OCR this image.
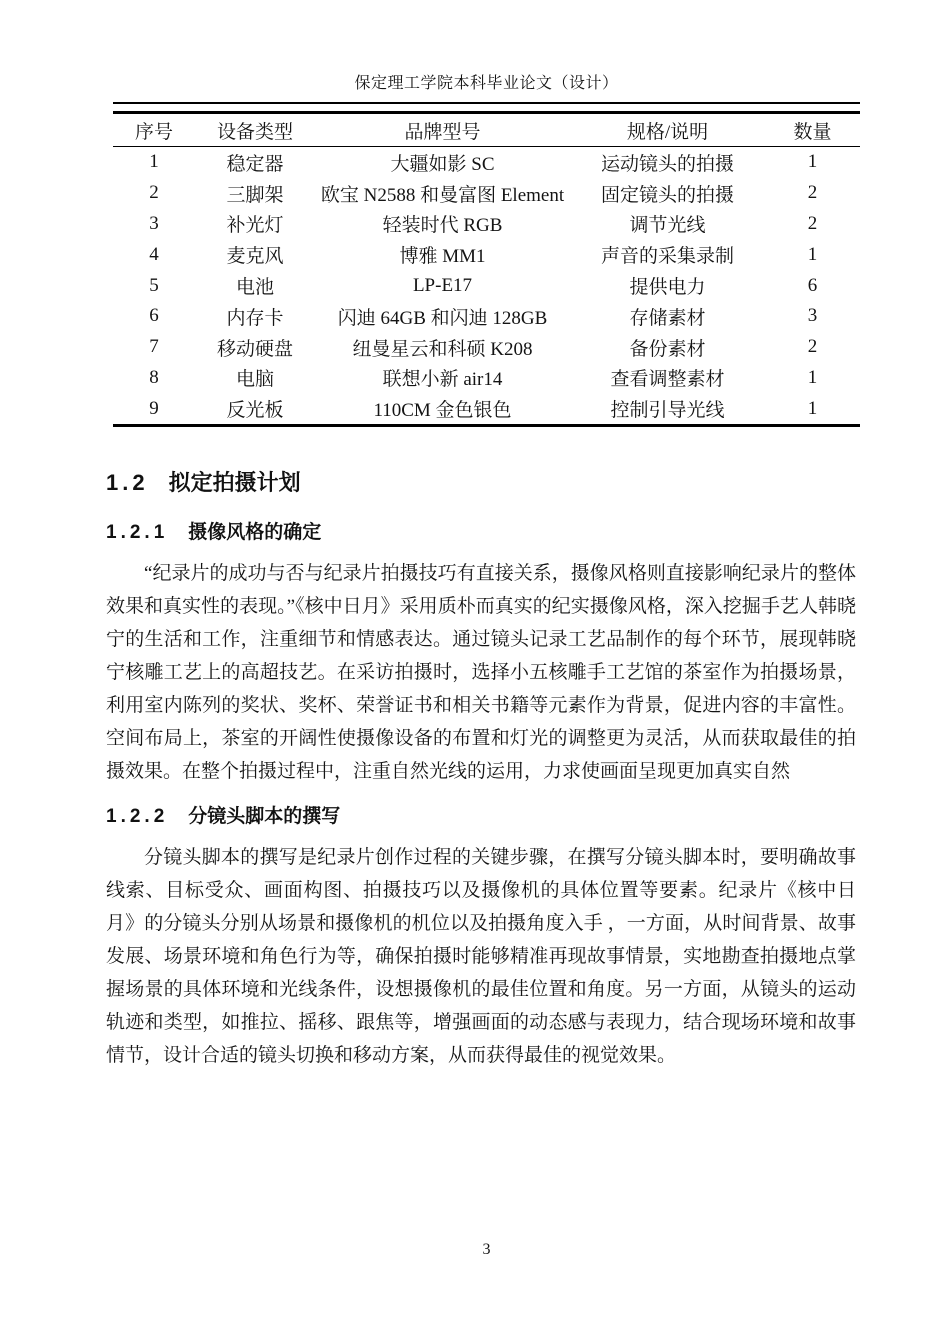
保定理工学院本科毕业论文（设计）
序号	设备类型	品牌型号	规格/说明	数量
1	稳定器	大疆如影 SC	运动镜头的拍摄	1
2	三脚架	欧宝 N2588 和曼富图 Element	固定镜头的拍摄	2
3	补光灯	轻装时代 RGB	调节光线	2
4	麦克风	博雅 MM1	声音的采集录制	1
5	电池	LP-E17	提供电力	6
6	内存卡	闪迪 64GB 和闪迪 128GB	存储素材	3
7	移动硬盘	纽曼星云和科硕 K208	备份素材	2
8	电脑	联想小新 air14	查看调整素材	1
9	反光板	110CM 金色银色	控制引导光线	1
1.2 拟定拍摄计划
1.2.1 摄像风格的确定
“纪录片的成功与否与纪录片拍摄技巧有直接关系，摄像风格则直接影响纪录片的整体效果和真实性的表现。”《核中日月》采用质朴而真实的纪实摄像风格，深入挖掘手艺人韩晓宁的生活和工作，注重细节和情感表达。通过镜头记录工艺品制作的每个环节，展现韩晓宁核雕工艺上的高超技艺。在采访拍摄时，选择小五核雕手工艺馆的茶室作为拍摄场景，利用室内陈列的奖状、奖杯、荣誉证书和相关书籍等元素作为背景，促进内容的丰富性。空间布局上，茶室的开阔性使摄像设备的布置和灯光的调整更为灵活，从而获取最佳的拍摄效果。在整个拍摄过程中，注重自然光线的运用，力求使画面呈现更加真实自然
1.2.2 分镜头脚本的撰写
分镜头脚本的撰写是纪录片创作过程的关键步骤，在撰写分镜头脚本时，要明确故事线索、目标受众、画面构图、拍摄技巧以及摄像机的具体位置等要素。纪录片《核中日月》的分镜头分别从场景和摄像机的机位以及拍摄角度入手 ，一方面，从时间背景、故事发展、场景环境和角色行为等，确保拍摄时能够精准再现故事情景，实地勘查拍摄地点掌握场景的具体环境和光线条件，设想摄像机的最佳位置和角度。另一方面，从镜头的运动轨迹和类型，如推拉、摇移、跟焦等，增强画面的动态感与表现力，结合现场环境和故事情节，设计合适的镜头切换和移动方案，从而获得最佳的视觉效果。
3
